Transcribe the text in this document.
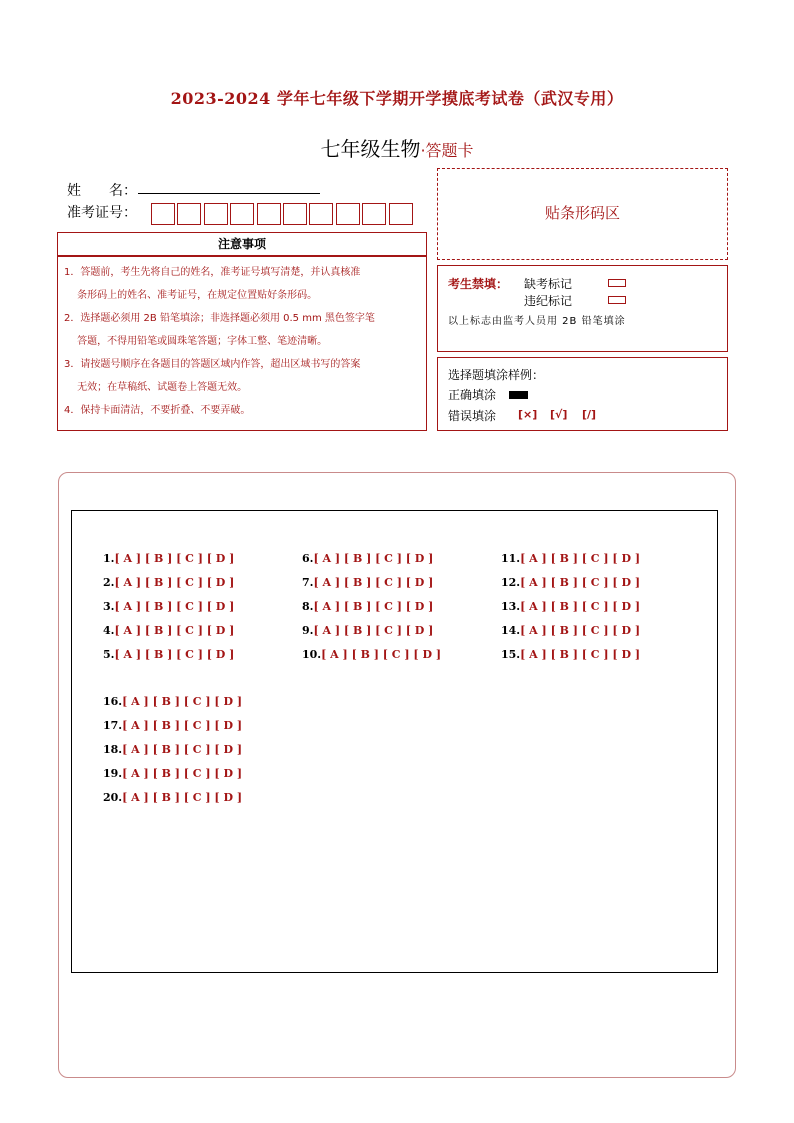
2023-2024 学年七年级下学期开学摸底考试卷（武汉专用）
七年级生物·答题卡
姓　　名：
准考证号：	贴条形码区
注意事项

1．答题前，考生先将自己的姓名，准考证号填写清楚，并认真核准

　 条形码上的姓名、准考证号，在规定位置贴好条形码。

2．选择题必须用 2B 铅笔填涂；非选择题必须用 0.5 mm 黑色签字笔

　 答题，不得用铅笔或圆珠笔答题；字体工整、笔迹清晰。

3．请按题号顺序在各题目的答题区域内作答，超出区域书写的答案

　 无效；在草稿纸、试题卷上答题无效。

4．保持卡面清洁，不要折叠、不要弄破。

考生禁填： 缺考标记
违纪标记
以上标志由监考人员用 2B 铅笔填涂
选择题填涂样例：
正确填涂
错误填涂 [×] [√] [/]
1.[ A ] [ B ] [ C ] [ D ]
2.[ A ] [ B ] [ C ] [ D ]
3.[ A ] [ B ] [ C ] [ D ]
4.[ A ] [ B ] [ C ] [ D ]
5.[ A ] [ B ] [ C ] [ D ]
6.[ A ] [ B ] [ C ] [ D ]
7.[ A ] [ B ] [ C ] [ D ]
8.[ A ] [ B ] [ C ] [ D ]
9.[ A ] [ B ] [ C ] [ D ]
10.[ A ] [ B ] [ C ] [ D ]
11.[ A ] [ B ] [ C ] [ D ]
12.[ A ] [ B ] [ C ] [ D ]
13.[ A ] [ B ] [ C ] [ D ]
14.[ A ] [ B ] [ C ] [ D ]
15.[ A ] [ B ] [ C ] [ D ]
16.[ A ] [ B ] [ C ] [ D ]
17.[ A ] [ B ] [ C ] [ D ]
18.[ A ] [ B ] [ C ] [ D ]
19.[ A ] [ B ] [ C ] [ D ]
20.[ A ] [ B ] [ C ] [ D ]
